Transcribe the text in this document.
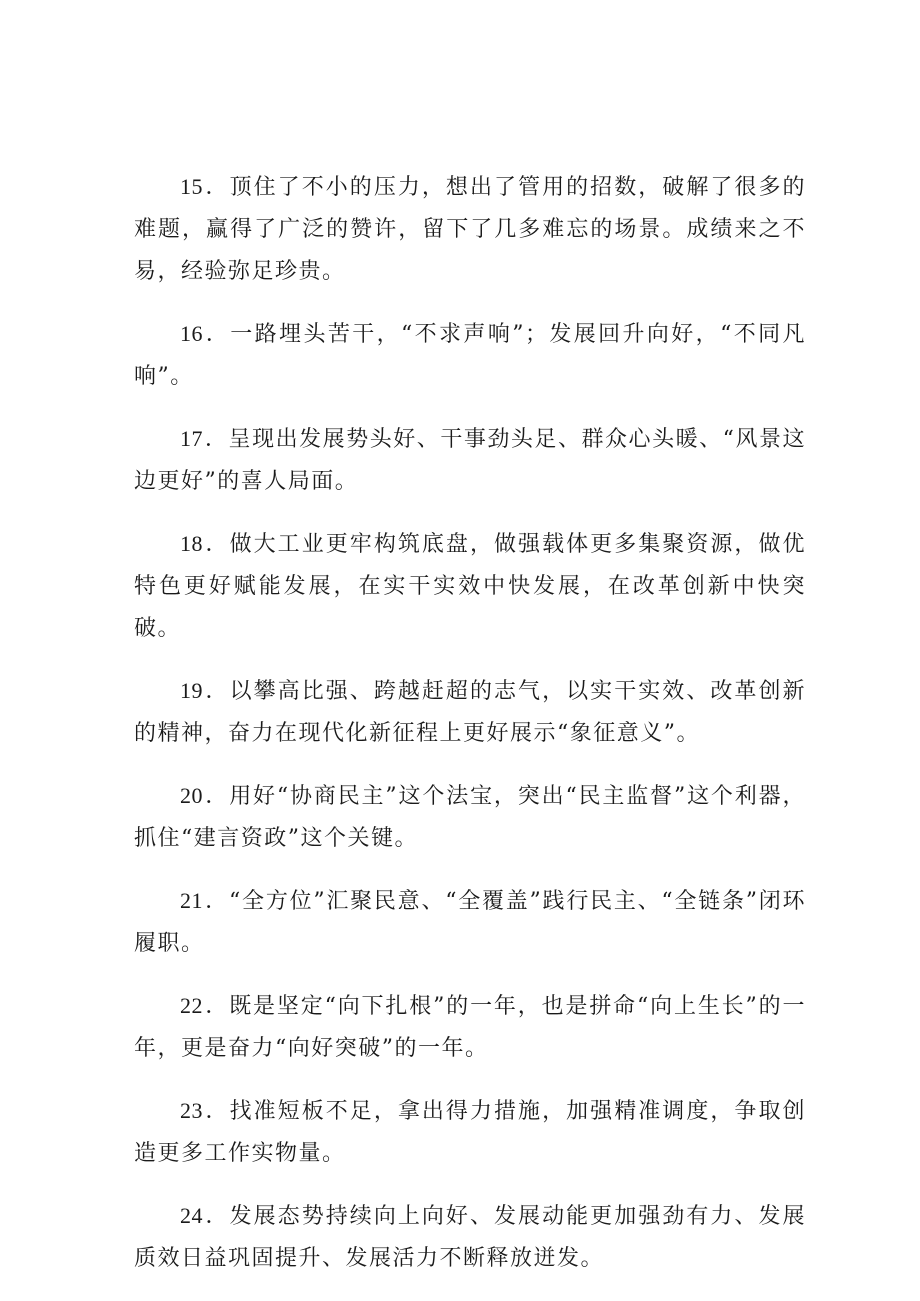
15．顶住了不小的压力，想出了管用的招数，破解了很多的难题，赢得了广泛的赞许，留下了几多难忘的场景。成绩来之不易，经验弥足珍贵。

16．一路埋头苦干，“不求声响”；发展回升向好，“不同凡响”。

17．呈现出发展势头好、干事劲头足、群众心头暖、“风景这边更好”的喜人局面。

18．做大工业更牢构筑底盘，做强载体更多集聚资源，做优特色更好赋能发展，在实干实效中快发展，在改革创新中快突破。

19．以攀高比强、跨越赶超的志气，以实干实效、改革创新的精神，奋力在现代化新征程上更好展示“象征意义”。

20．用好“协商民主”这个法宝，突出“民主监督”这个利器，抓住“建言资政”这个关键。

21．“全方位”汇聚民意、“全覆盖”践行民主、“全链条”闭环履职。

22．既是坚定“向下扎根”的一年，也是拼命“向上生长”的一年，更是奋力“向好突破”的一年。

23．找准短板不足，拿出得力措施，加强精准调度，争取创造更多工作实物量。

24．发展态势持续向上向好、发展动能更加强劲有力、发展质效日益巩固提升、发展活力不断释放迸发。
